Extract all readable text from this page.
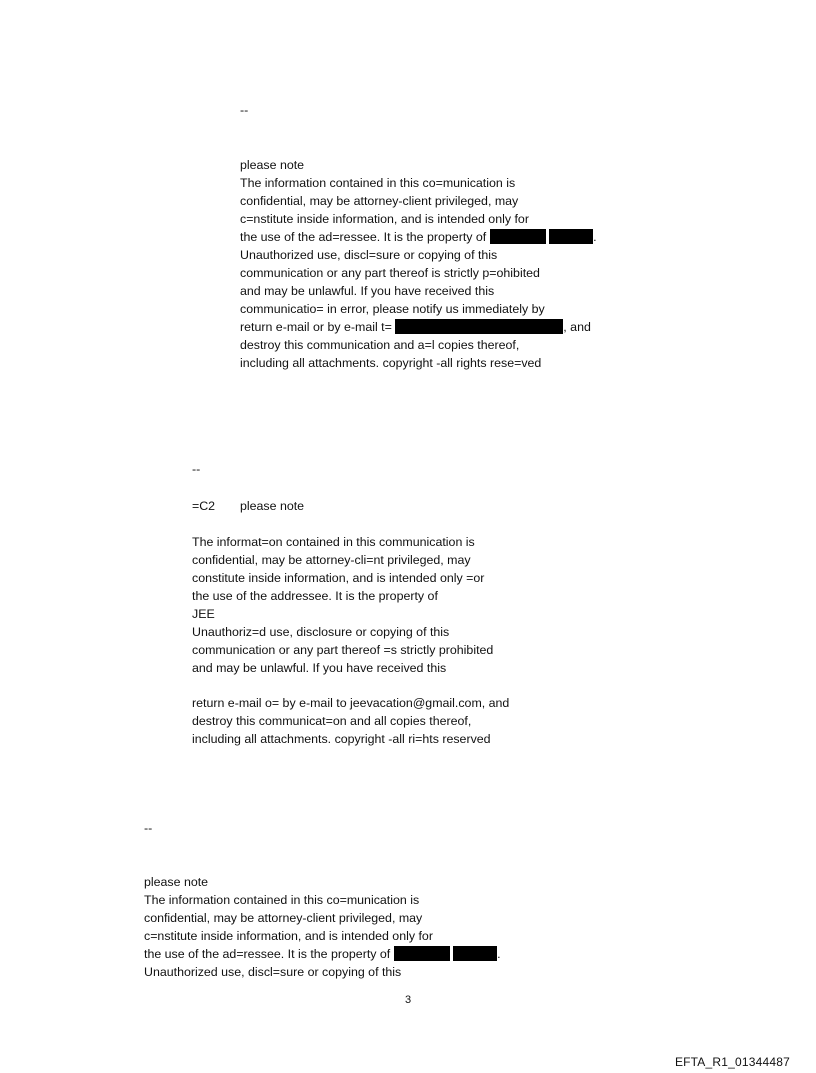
--
please note
The information contained in this co=munication is
confidential, may be attorney-client privileged, may
c=nstitute inside information, and is intended only for
the use of the ad=ressee. It is the property of	.
Unauthorized use, discl=sure or copying of this
communication or any part thereof is strictly p=ohibited
and may be unlawful. If you have received this
communicatio= in error, please notify us immediately by
return e-mail or by e-mail t=	, and
destroy this communication and a=l copies thereof,
including all attachments. copyright -all rights rese=ved
--
=C2 please note
The informat=on contained in this communication is
confidential, may be attorney-cli=nt privileged, may
constitute inside information, and is intended only =or
the use of the addressee. It is the property of
JEE
Unauthoriz=d use, disclosure or copying of this
communication or any part thereof =s strictly prohibited
and may be unlawful. If you have received this
return e-mail o= by e-mail to jeevacation@gmail.com, and
destroy this communicat=on and all copies thereof,
including all attachments. copyright -all ri=hts reserved
--
please note
The information contained in this co=munication is
confidential, may be attorney-client privileged, may
c=nstitute inside information, and is intended only for
the use of the ad=ressee. It is the property of	.
Unauthorized use, discl=sure or copying of this
3
EFTA_R1_01344487
